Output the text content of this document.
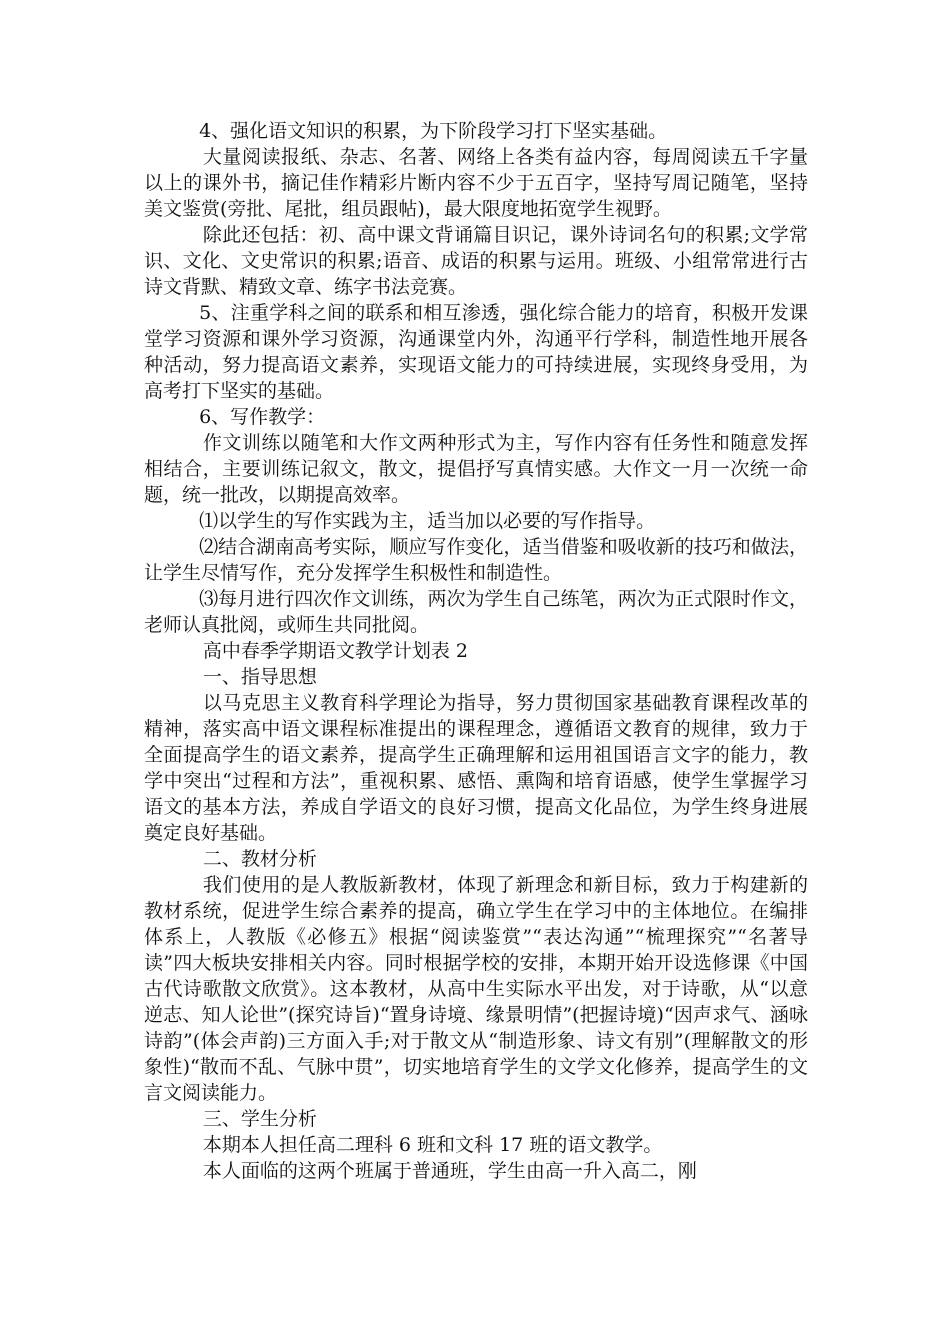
4、强化语文知识的积累，为下阶段学习打下坚实基础。

大量阅读报纸、杂志、名著、网络上各类有益内容，每周阅读五千字量以上的课外书，摘记佳作精彩片断内容不少于五百字，坚持写周记随笔，坚持美文鉴赏(旁批、尾批，组员跟帖)，最大限度地拓宽学生视野。

除此还包括：初、高中课文背诵篇目识记，课外诗词名句的积累;文学常识、文化、文史常识的积累;语音、成语的积累与运用。班级、小组常常进行古诗文背默、精致文章、练字书法竞赛。

5、注重学科之间的联系和相互渗透，强化综合能力的培育，积极开发课堂学习资源和课外学习资源，沟通课堂内外，沟通平行学科，制造性地开展各种活动，努力提高语文素养，实现语文能力的可持续进展，实现终身受用，为高考打下坚实的基础。

6、写作教学：

作文训练以随笔和大作文两种形式为主，写作内容有任务性和随意发挥相结合，主要训练记叙文，散文，提倡抒写真情实感。大作文一月一次统一命题，统一批改，以期提高效率。

⑴以学生的写作实践为主，适当加以必要的写作指导。

⑵结合湖南高考实际，顺应写作变化，适当借鉴和吸收新的技巧和做法，让学生尽情写作，充分发挥学生积极性和制造性。

⑶每月进行四次作文训练，两次为学生自己练笔，两次为正式限时作文，老师认真批阅，或师生共同批阅。

高中春季学期语文教学计划表 2

一、指导思想

以马克思主义教育科学理论为指导，努力贯彻国家基础教育课程改革的精神，落实高中语文课程标准提出的课程理念，遵循语文教育的规律，致力于全面提高学生的语文素养，提高学生正确理解和运用祖国语言文字的能力，教学中突出“过程和方法”，重视积累、感悟、熏陶和培育语感，使学生掌握学习语文的基本方法，养成自学语文的良好习惯，提高文化品位，为学生终身进展奠定良好基础。

二、教材分析

我们使用的是人教版新教材，体现了新理念和新目标，致力于构建新的教材系统，促进学生综合素养的提高，确立学生在学习中的主体地位。在编排体系上，人教版《必修五》根据“阅读鉴赏”“表达沟通”“梳理探究”“名著导读”四大板块安排相关内容。同时根据学校的安排，本期开始开设选修课《中国古代诗歌散文欣赏》。这本教材，从高中生实际水平出发，对于诗歌，从“以意逆志、知人论世”(探究诗旨)“置身诗境、缘景明情”(把握诗境)“因声求气、涵咏诗韵”(体会声韵)三方面入手;对于散文从“制造形象、诗文有别”(理解散文的形象性)“散而不乱、气脉中贯”，切实地培育学生的文学文化修养，提高学生的文言文阅读能力。

三、学生分析

本期本人担任高二理科 6 班和文科 17 班的语文教学。

本人面临的这两个班属于普通班，学生由高一升入高二，刚
